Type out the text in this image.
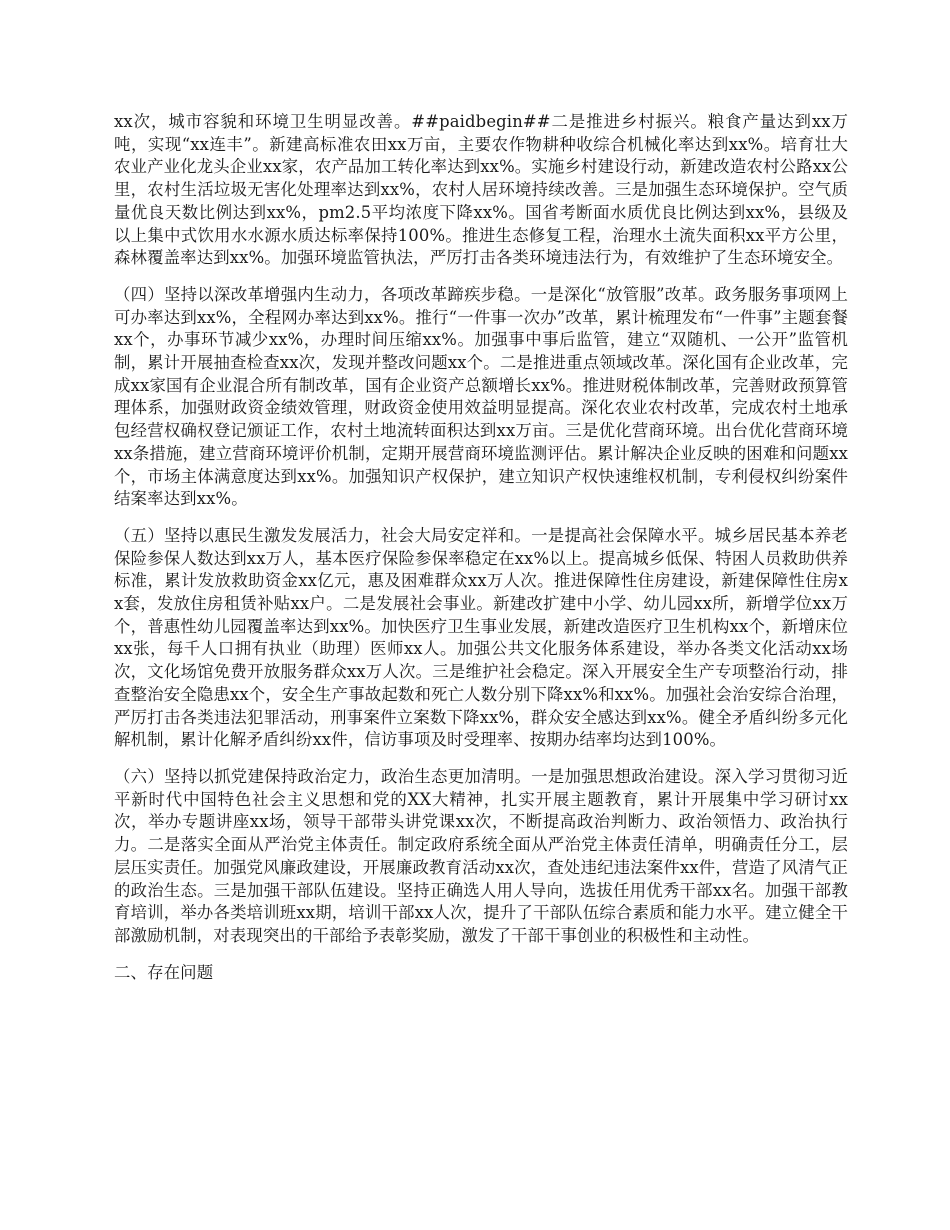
xx次，城市容貌和环境卫生明显改善。##paidbegin##二是推进乡村振兴。粮食产量达到xx万吨，实现“xx连丰”。新建高标准农田xx万亩，主要农作物耕种收综合机械化率达到xx%。培育壮大农业产业化龙头企业xx家，农产品加工转化率达到xx%。实施乡村建设行动，新建改造农村公路xx公里，农村生活垃圾无害化处理率达到xx%，农村人居环境持续改善。三是加强生态环境保护。空气质量优良天数比例达到xx%，pm2.5平均浓度下降xx%。国省考断面水质优良比例达到xx%，县级及以上集中式饮用水水源水质达标率保持100%。推进生态修复工程，治理水土流失面积xx平方公里，森林覆盖率达到xx%。加强环境监管执法，严厉打击各类环境违法行为，有效维护了生态环境安全。

（四）坚持以深改革增强内生动力，各项改革蹄疾步稳。一是深化“放管服”改革。政务服务事项网上可办率达到xx%，全程网办率达到xx%。推行“一件事一次办”改革，累计梳理发布“一件事”主题套餐xx个，办事环节减少xx%，办理时间压缩xx%。加强事中事后监管，建立“双随机、一公开”监管机制，累计开展抽查检查xx次，发现并整改问题xx个。二是推进重点领域改革。深化国有企业改革，完成xx家国有企业混合所有制改革，国有企业资产总额增长xx%。推进财税体制改革，完善财政预算管理体系，加强财政资金绩效管理，财政资金使用效益明显提高。深化农业农村改革，完成农村土地承包经营权确权登记颁证工作，农村土地流转面积达到xx万亩。三是优化营商环境。出台优化营商环境xx条措施，建立营商环境评价机制，定期开展营商环境监测评估。累计解决企业反映的困难和问题xx个，市场主体满意度达到xx%。加强知识产权保护，建立知识产权快速维权机制，专利侵权纠纷案件结案率达到xx%。

（五）坚持以惠民生激发发展活力，社会大局安定祥和。一是提高社会保障水平。城乡居民基本养老保险参保人数达到xx万人，基本医疗保险参保率稳定在xx%以上。提高城乡低保、特困人员救助供养标准，累计发放救助资金xx亿元，惠及困难群众xx万人次。推进保障性住房建设，新建保障性住房xx套，发放住房租赁补贴xx户。二是发展社会事业。新建改扩建中小学、幼儿园xx所，新增学位xx万个，普惠性幼儿园覆盖率达到xx%。加快医疗卫生事业发展，新建改造医疗卫生机构xx个，新增床位xx张，每千人口拥有执业（助理）医师xx人。加强公共文化服务体系建设，举办各类文化活动xx场次，文化场馆免费开放服务群众xx万人次。三是维护社会稳定。深入开展安全生产专项整治行动，排查整治安全隐患xx个，安全生产事故起数和死亡人数分别下降xx%和xx%。加强社会治安综合治理，严厉打击各类违法犯罪活动，刑事案件立案数下降xx%，群众安全感达到xx%。健全矛盾纠纷多元化解机制，累计化解矛盾纠纷xx件，信访事项及时受理率、按期办结率均达到100%。

（六）坚持以抓党建保持政治定力，政治生态更加清明。一是加强思想政治建设。深入学习贯彻习近平新时代中国特色社会主义思想和党的XX大精神，扎实开展主题教育，累计开展集中学习研讨xx次，举办专题讲座xx场，领导干部带头讲党课xx次，不断提高政治判断力、政治领悟力、政治执行力。二是落实全面从严治党主体责任。制定政府系统全面从严治党主体责任清单，明确责任分工，层层压实责任。加强党风廉政建设，开展廉政教育活动xx次，查处违纪违法案件xx件，营造了风清气正的政治生态。三是加强干部队伍建设。坚持正确选人用人导向，选拔任用优秀干部xx名。加强干部教育培训，举办各类培训班xx期，培训干部xx人次，提升了干部队伍综合素质和能力水平。建立健全干部激励机制，对表现突出的干部给予表彰奖励，激发了干部干事创业的积极性和主动性。

二、存在问题
